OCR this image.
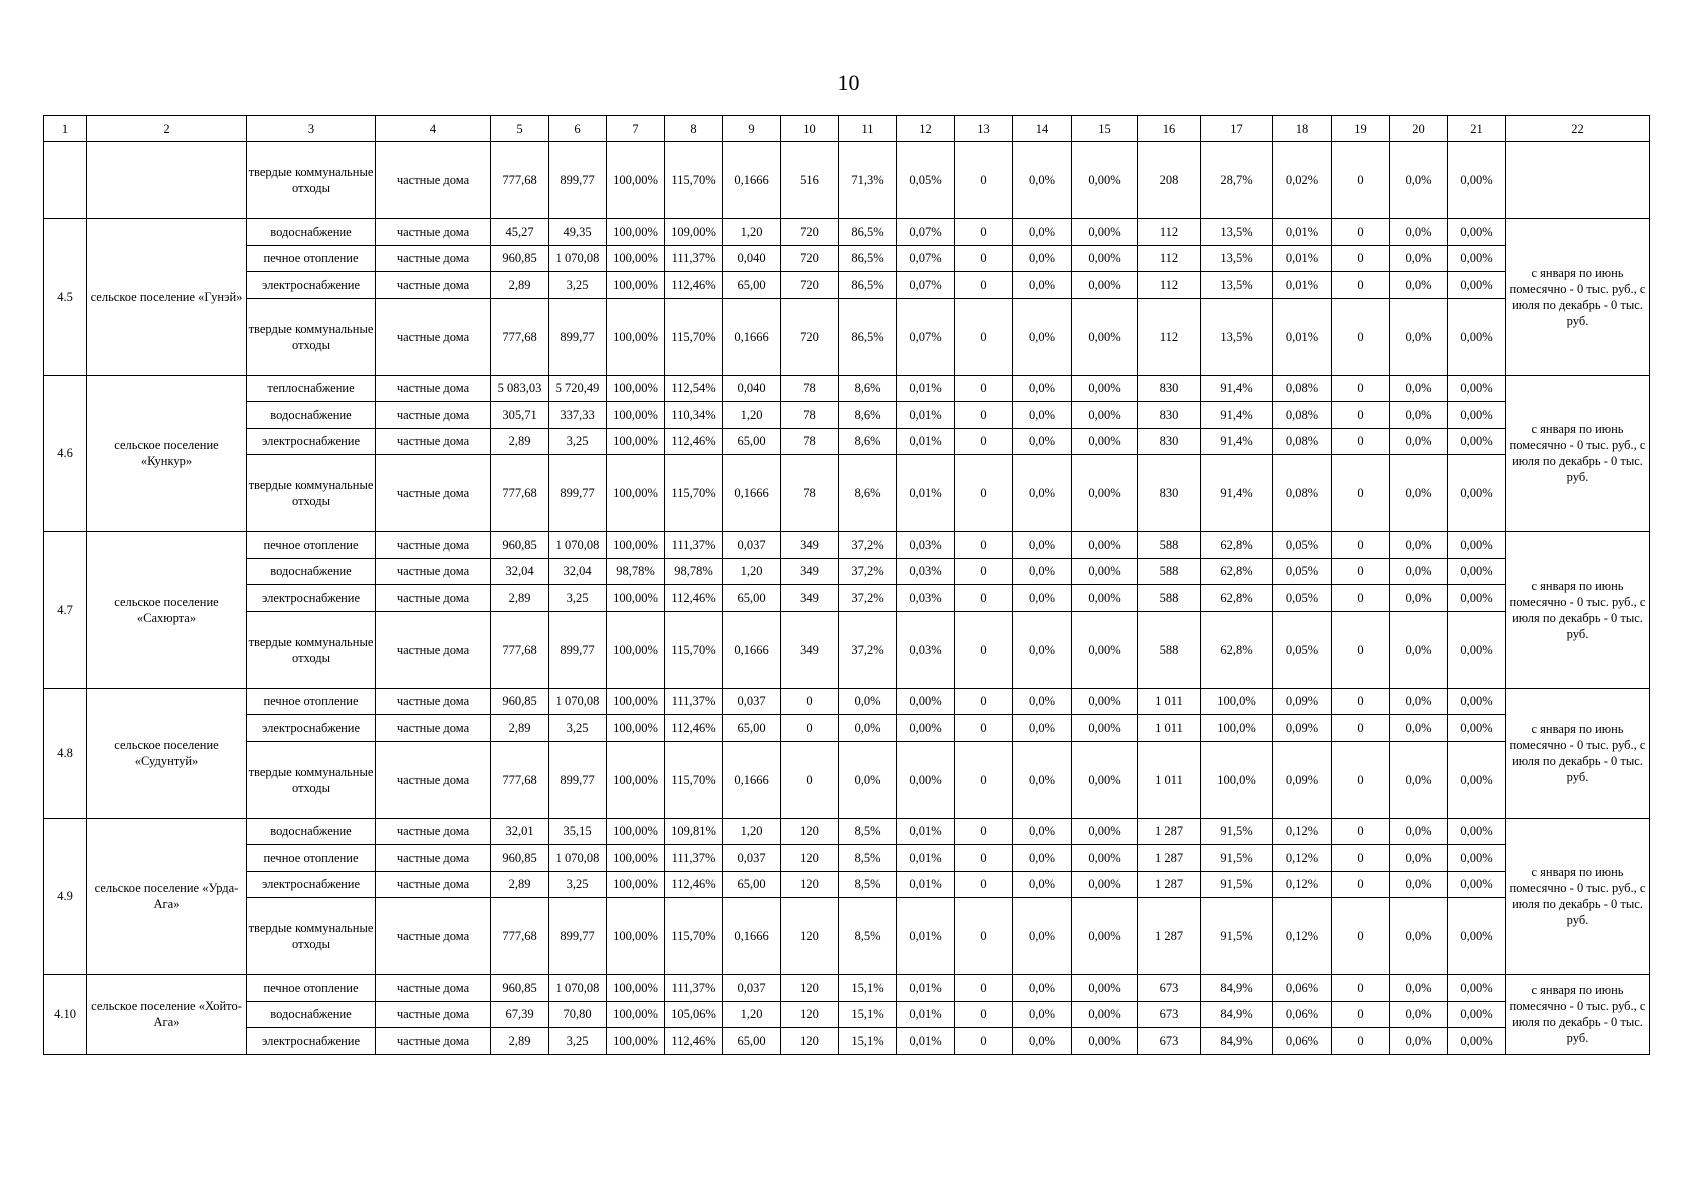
10
1	2	3	4	5	6	7	8	9	10	11	12	13	14	15	16	17	18	19	20	21	22
		твердые коммунальные отходы	частные дома	777,68	899,77	100,00%	115,70%	0,1666	516	71,3%	0,05%	0	0,0%	0,00%	208	28,7%	0,02%	0	0,0%	0,00%	
4.5	сельское поселение «Гунэй»	водоснабжение	частные дома	45,27	49,35	100,00%	109,00%	1,20	720	86,5%	0,07%	0	0,0%	0,00%	112	13,5%	0,01%	0	0,0%	0,00%	с января по июнь помесячно - 0 тыс. руб., с июля по декабрь - 0 тыс. руб.
		печное отопление	частные дома	960,85	1 070,08	100,00%	111,37%	0,040	720	86,5%	0,07%	0	0,0%	0,00%	112	13,5%	0,01%	0	0,0%	0,00%	
		электроснабжение	частные дома	2,89	3,25	100,00%	112,46%	65,00	720	86,5%	0,07%	0	0,0%	0,00%	112	13,5%	0,01%	0	0,0%	0,00%	
		твердые коммунальные отходы	частные дома	777,68	899,77	100,00%	115,70%	0,1666	720	86,5%	0,07%	0	0,0%	0,00%	112	13,5%	0,01%	0	0,0%	0,00%	
4.6	сельское поселение «Кункур»	теплоснабжение	частные дома	5 083,03	5 720,49	100,00%	112,54%	0,040	78	8,6%	0,01%	0	0,0%	0,00%	830	91,4%	0,08%	0	0,0%	0,00%	с января по июнь помесячно - 0 тыс. руб., с июля по декабрь - 0 тыс. руб.
		водоснабжение	частные дома	305,71	337,33	100,00%	110,34%	1,20	78	8,6%	0,01%	0	0,0%	0,00%	830	91,4%	0,08%	0	0,0%	0,00%	
		электроснабжение	частные дома	2,89	3,25	100,00%	112,46%	65,00	78	8,6%	0,01%	0	0,0%	0,00%	830	91,4%	0,08%	0	0,0%	0,00%	
		твердые коммунальные отходы	частные дома	777,68	899,77	100,00%	115,70%	0,1666	78	8,6%	0,01%	0	0,0%	0,00%	830	91,4%	0,08%	0	0,0%	0,00%	
4.7	сельское поселение «Сахюрта»	печное отопление	частные дома	960,85	1 070,08	100,00%	111,37%	0,037	349	37,2%	0,03%	0	0,0%	0,00%	588	62,8%	0,05%	0	0,0%	0,00%	с января по июнь помесячно - 0 тыс. руб., с июля по декабрь - 0 тыс. руб.
		водоснабжение	частные дома	32,04	32,04	98,78%	98,78%	1,20	349	37,2%	0,03%	0	0,0%	0,00%	588	62,8%	0,05%	0	0,0%	0,00%	
		электроснабжение	частные дома	2,89	3,25	100,00%	112,46%	65,00	349	37,2%	0,03%	0	0,0%	0,00%	588	62,8%	0,05%	0	0,0%	0,00%	
		твердые коммунальные отходы	частные дома	777,68	899,77	100,00%	115,70%	0,1666	349	37,2%	0,03%	0	0,0%	0,00%	588	62,8%	0,05%	0	0,0%	0,00%	
4.8	сельское поселение «Судунтуй»	печное отопление	частные дома	960,85	1 070,08	100,00%	111,37%	0,037	0	0,0%	0,00%	0	0,0%	0,00%	1 011	100,0%	0,09%	0	0,0%	0,00%	с января по июнь помесячно - 0 тыс. руб., с июля по декабрь - 0 тыс. руб.
		электроснабжение	частные дома	2,89	3,25	100,00%	112,46%	65,00	0	0,0%	0,00%	0	0,0%	0,00%	1 011	100,0%	0,09%	0	0,0%	0,00%	
		твердые коммунальные отходы	частные дома	777,68	899,77	100,00%	115,70%	0,1666	0	0,0%	0,00%	0	0,0%	0,00%	1 011	100,0%	0,09%	0	0,0%	0,00%	
4.9	сельское поселение «Урда-Ага»	водоснабжение	частные дома	32,01	35,15	100,00%	109,81%	1,20	120	8,5%	0,01%	0	0,0%	0,00%	1 287	91,5%	0,12%	0	0,0%	0,00%	с января по июнь помесячно - 0 тыс. руб., с июля по декабрь - 0 тыс. руб.
		печное отопление	частные дома	960,85	1 070,08	100,00%	111,37%	0,037	120	8,5%	0,01%	0	0,0%	0,00%	1 287	91,5%	0,12%	0	0,0%	0,00%	
		электроснабжение	частные дома	2,89	3,25	100,00%	112,46%	65,00	120	8,5%	0,01%	0	0,0%	0,00%	1 287	91,5%	0,12%	0	0,0%	0,00%	
		твердые коммунальные отходы	частные дома	777,68	899,77	100,00%	115,70%	0,1666	120	8,5%	0,01%	0	0,0%	0,00%	1 287	91,5%	0,12%	0	0,0%	0,00%	
4.10	сельское поселение «Хойто-Ага»	печное отопление	частные дома	960,85	1 070,08	100,00%	111,37%	0,037	120	15,1%	0,01%	0	0,0%	0,00%	673	84,9%	0,06%	0	0,0%	0,00%	с января по июнь помесячно - 0 тыс. руб., с июля по декабрь - 0 тыс. руб.
		водоснабжение	частные дома	67,39	70,80	100,00%	105,06%	1,20	120	15,1%	0,01%	0	0,0%	0,00%	673	84,9%	0,06%	0	0,0%	0,00%	
		электроснабжение	частные дома	2,89	3,25	100,00%	112,46%	65,00	120	15,1%	0,01%	0	0,0%	0,00%	673	84,9%	0,06%	0	0,0%	0,00%	
